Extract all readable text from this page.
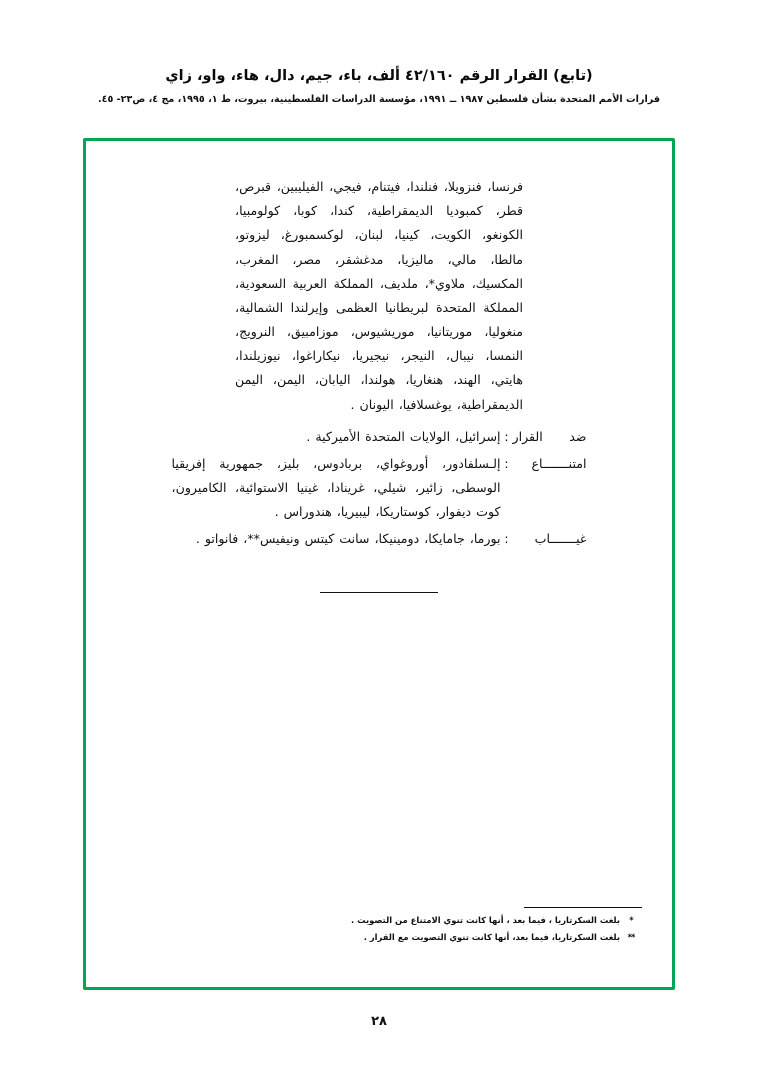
(تابع) القرار الرقم ٤٢/١٦٠ ألف، باء، جيم، دال، هاء، واو، زاي
قرارات الأمم المتحدة بشأن فلسطين ١٩٨٧ ــ ١٩٩١، مؤسسة الدراسات الفلسطينية، بيروت، ط ١، ١٩٩٥، مج ٤، ص٢٣- ٤٥.
فرنسا، فنزويلا، فنلندا، فيتنام، فيجي، الفيليبين، قبرص، قطر، كمبوديا الديمقراطية، كندا، كوبا، كولومبيا، الكونغو، الكويت، كينيا، لبنان، لوكسمبورغ، ليزوتو، مالطا، مالي، ماليزيا، مدغشقر، مصر، المغرب، المكسيك، ملاوي*، ملديف، المملكة العربية السعودية، المملكة المتحدة لبريطانيا العظمى وإيرلندا الشمالية، منغوليا، موريتانيا، موريشيوس، موزامبيق، النرويج، النمسا، نيبال، النيجر، نيجيريا، نيكاراغوا، نيوزيلندا، هايتي، الهند، هنغاريا، هولندا، اليابان، اليمن، اليمن الديمقراطية، يوغسلافيا، اليونان .
ضد القرار
:
إسرائيل، الولايات المتحدة الأميركية .
امتنـــــــاع
:
إلـسلفادور، أوروغواي، بربادوس، بليز، جمهورية إفريقيا الوسطى، زائير، شيلي، غرينادا، غينيا الاستوائية، الكاميرون، كوت ديفوار، كوستاريكا، ليبيريا، هندوراس .
غيـــــــاب
:
بورما، جامايكا، دومينيكا، سانت كيتس ونيفيس**، فانواتو .
*
بلغت السكرتاريا ، فيما بعد ، أنها كانت تنوي الامتناع من التصويت .
**
بلغت السكرتاريا، فيما بعد، أنها كانت تنوي التصويت مع القرار .
٢٨
